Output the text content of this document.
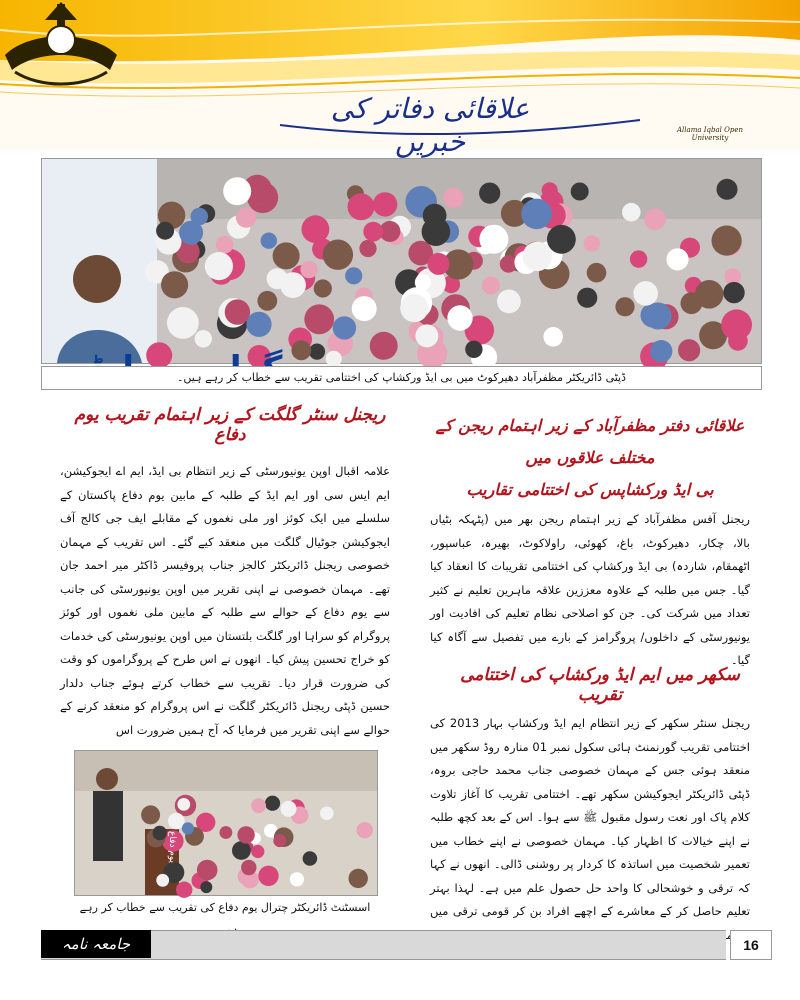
علاقائی دفاتر کی خبریں	Allama Iqbal Open University
ڈپٹی ڈائریکٹر مظفرآباد دھیرکوٹ میں بی ایڈ ورکشاپ کی اختتامی تقریب سے خطاب کر رہے ہیں۔
ریجنل سنٹر گلگت کے زیر اہتمام تقریب یوم دفاع
علامہ اقبال اوپن یونیورسٹی کے زیر انتظام بی ایڈ، ایم اے ایجوکیشن، ایم ایس سی اور ایم ایڈ کے طلبہ کے مابین یوم دفاع پاکستان کے سلسلے میں ایک کوئز اور ملی نغموں کے مقابلے ایف جی کالج آف ایجوکیشن جوٹیال گلگت میں منعقد کیے گئے۔ اس تقریب کے مہمان خصوصی ریجنل ڈائریکٹر کالجز جناب پروفیسر ڈاکٹر میر احمد جان تھے۔ مہمان خصوصی نے اپنی تقریر میں اوپن یونیورسٹی کی جانب سے یوم دفاع کے حوالے سے طلبہ کے مابین ملی نغموں اور کوئز پروگرام کو سراہا اور گلگت بلتستان میں اوپن یونیورسٹی کی خدمات کو خراج تحسین پیش کیا۔ انھوں نے اس طرح کے پروگراموں کو وقت کی ضرورت قرار دیا۔ تقریب سے خطاب کرتے ہوئے جناب دلدار حسین ڈپٹی ریجنل ڈائریکٹر گلگت نے اس پروگرام کو منعقد کرنے کے حوالے سے اپنی تقریر میں فرمایا کہ آج ہمیں ضرورت اس
علاقائی دفتر مظفرآباد کے زیر اہتمام ریجن کے مختلف علاقوں میں
بی ایڈ ورکشاپس کی اختتامی تقاریب
ریجنل آفس مظفرآباد کے زیر اہتمام ریجن بھر میں (پٹہکہ بٹیاں بالا، چکار، دھیرکوٹ، باغ، کھوئی، راولاکوٹ، بھیرہ، عباسپور، اٹھمقام، شاردہ) بی ایڈ ورکشاپ کی اختتامی تقریبات کا انعقاد کیا گیا۔ جس میں طلبہ کے علاوہ معززین علاقہ ماہرین تعلیم نے کثیر تعداد میں شرکت کی۔ جن کو اصلاحی نظام تعلیم کی افادیت اور یونیورسٹی کے داخلوں/ پروگرامز کے بارے میں تفصیل سے آگاہ کیا گیا۔
سکھر میں ایم ایڈ ورکشاپ کی اختتامی تقریب
ریجنل سنٹر سکھر کے زیر انتظام ایم ایڈ ورکشاپ بہار 2013 کی اختتامی تقریب گورنمنٹ ہائی سکول نمبر 01 منارہ روڈ سکھر میں منعقد ہوئی جس کے مہمان خصوصی جناب محمد حاجی بروہ، ڈپٹی ڈائریکٹر ایجوکیشن سکھر تھے۔ اختتامی تقریب کا آغاز تلاوت کلام پاک اور نعت رسول مقبول ﷺ سے ہوا۔ اس کے بعد کچھ طلبہ نے اپنے خیالات کا اظہار کیا۔ مہمان خصوصی نے اپنے خطاب میں تعمیر شخصیت میں اساتذہ کا کردار پر روشنی ڈالی۔ انھوں نے کہا کہ ترقی و خوشحالی کا واحد حل حصول علم میں ہے۔ لہذا بہتر تعلیم حاصل کر کے معاشرے کے اچھے افراد بن کر قومی ترقی میں
یوم دفاع
اسسٹنٹ ڈائریکٹر چترال یوم دفاع کی تقریب سے خطاب کر رہے
جامعہ نامہ	16
